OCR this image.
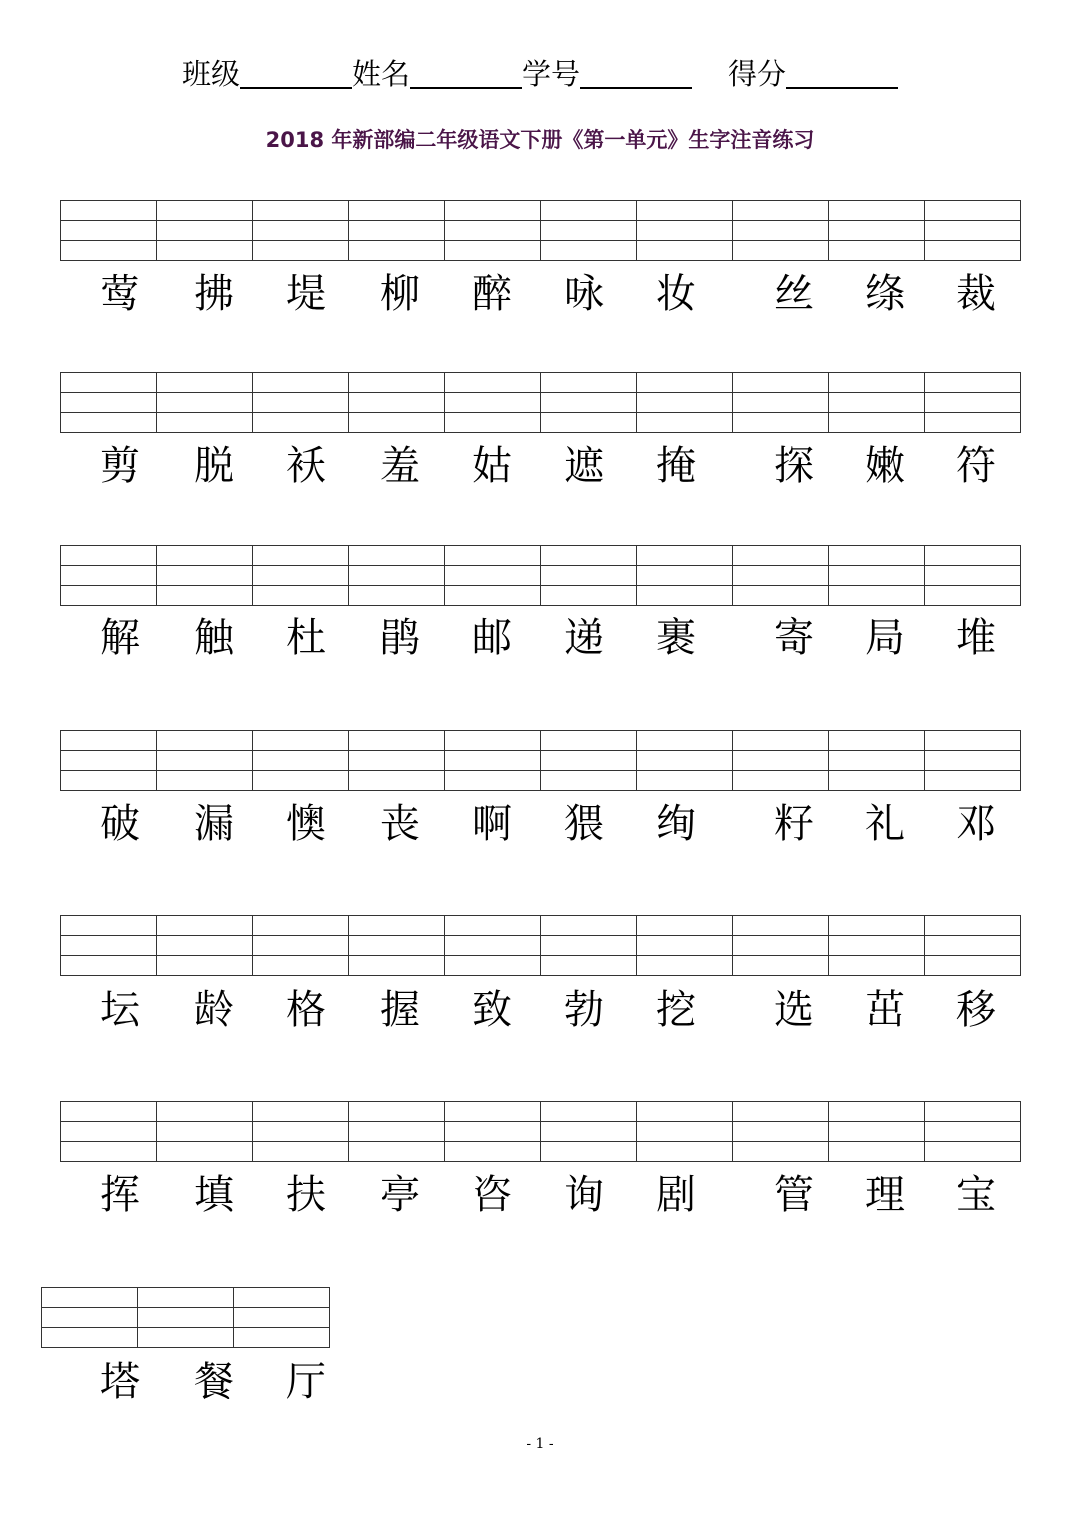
班级	姓名	学号	得分
2018 年新部编二年级语文下册《第一单元》生字注音练习

莺	拂	堤	柳	醉	咏	妆	丝	绦	裁

剪	脱	袄	羞	姑	遮	掩	探	嫩	符

解	触	杜	鹃	邮	递	裹	寄	局	堆

破	漏	懊	丧	啊	猥	绚	籽	礼	邓

坛	龄	格	握	致	勃	挖	选	茁	移

挥	填	扶	亭	咨	询	剧	管	理	宝

塔	餐	厅
- 1 -
